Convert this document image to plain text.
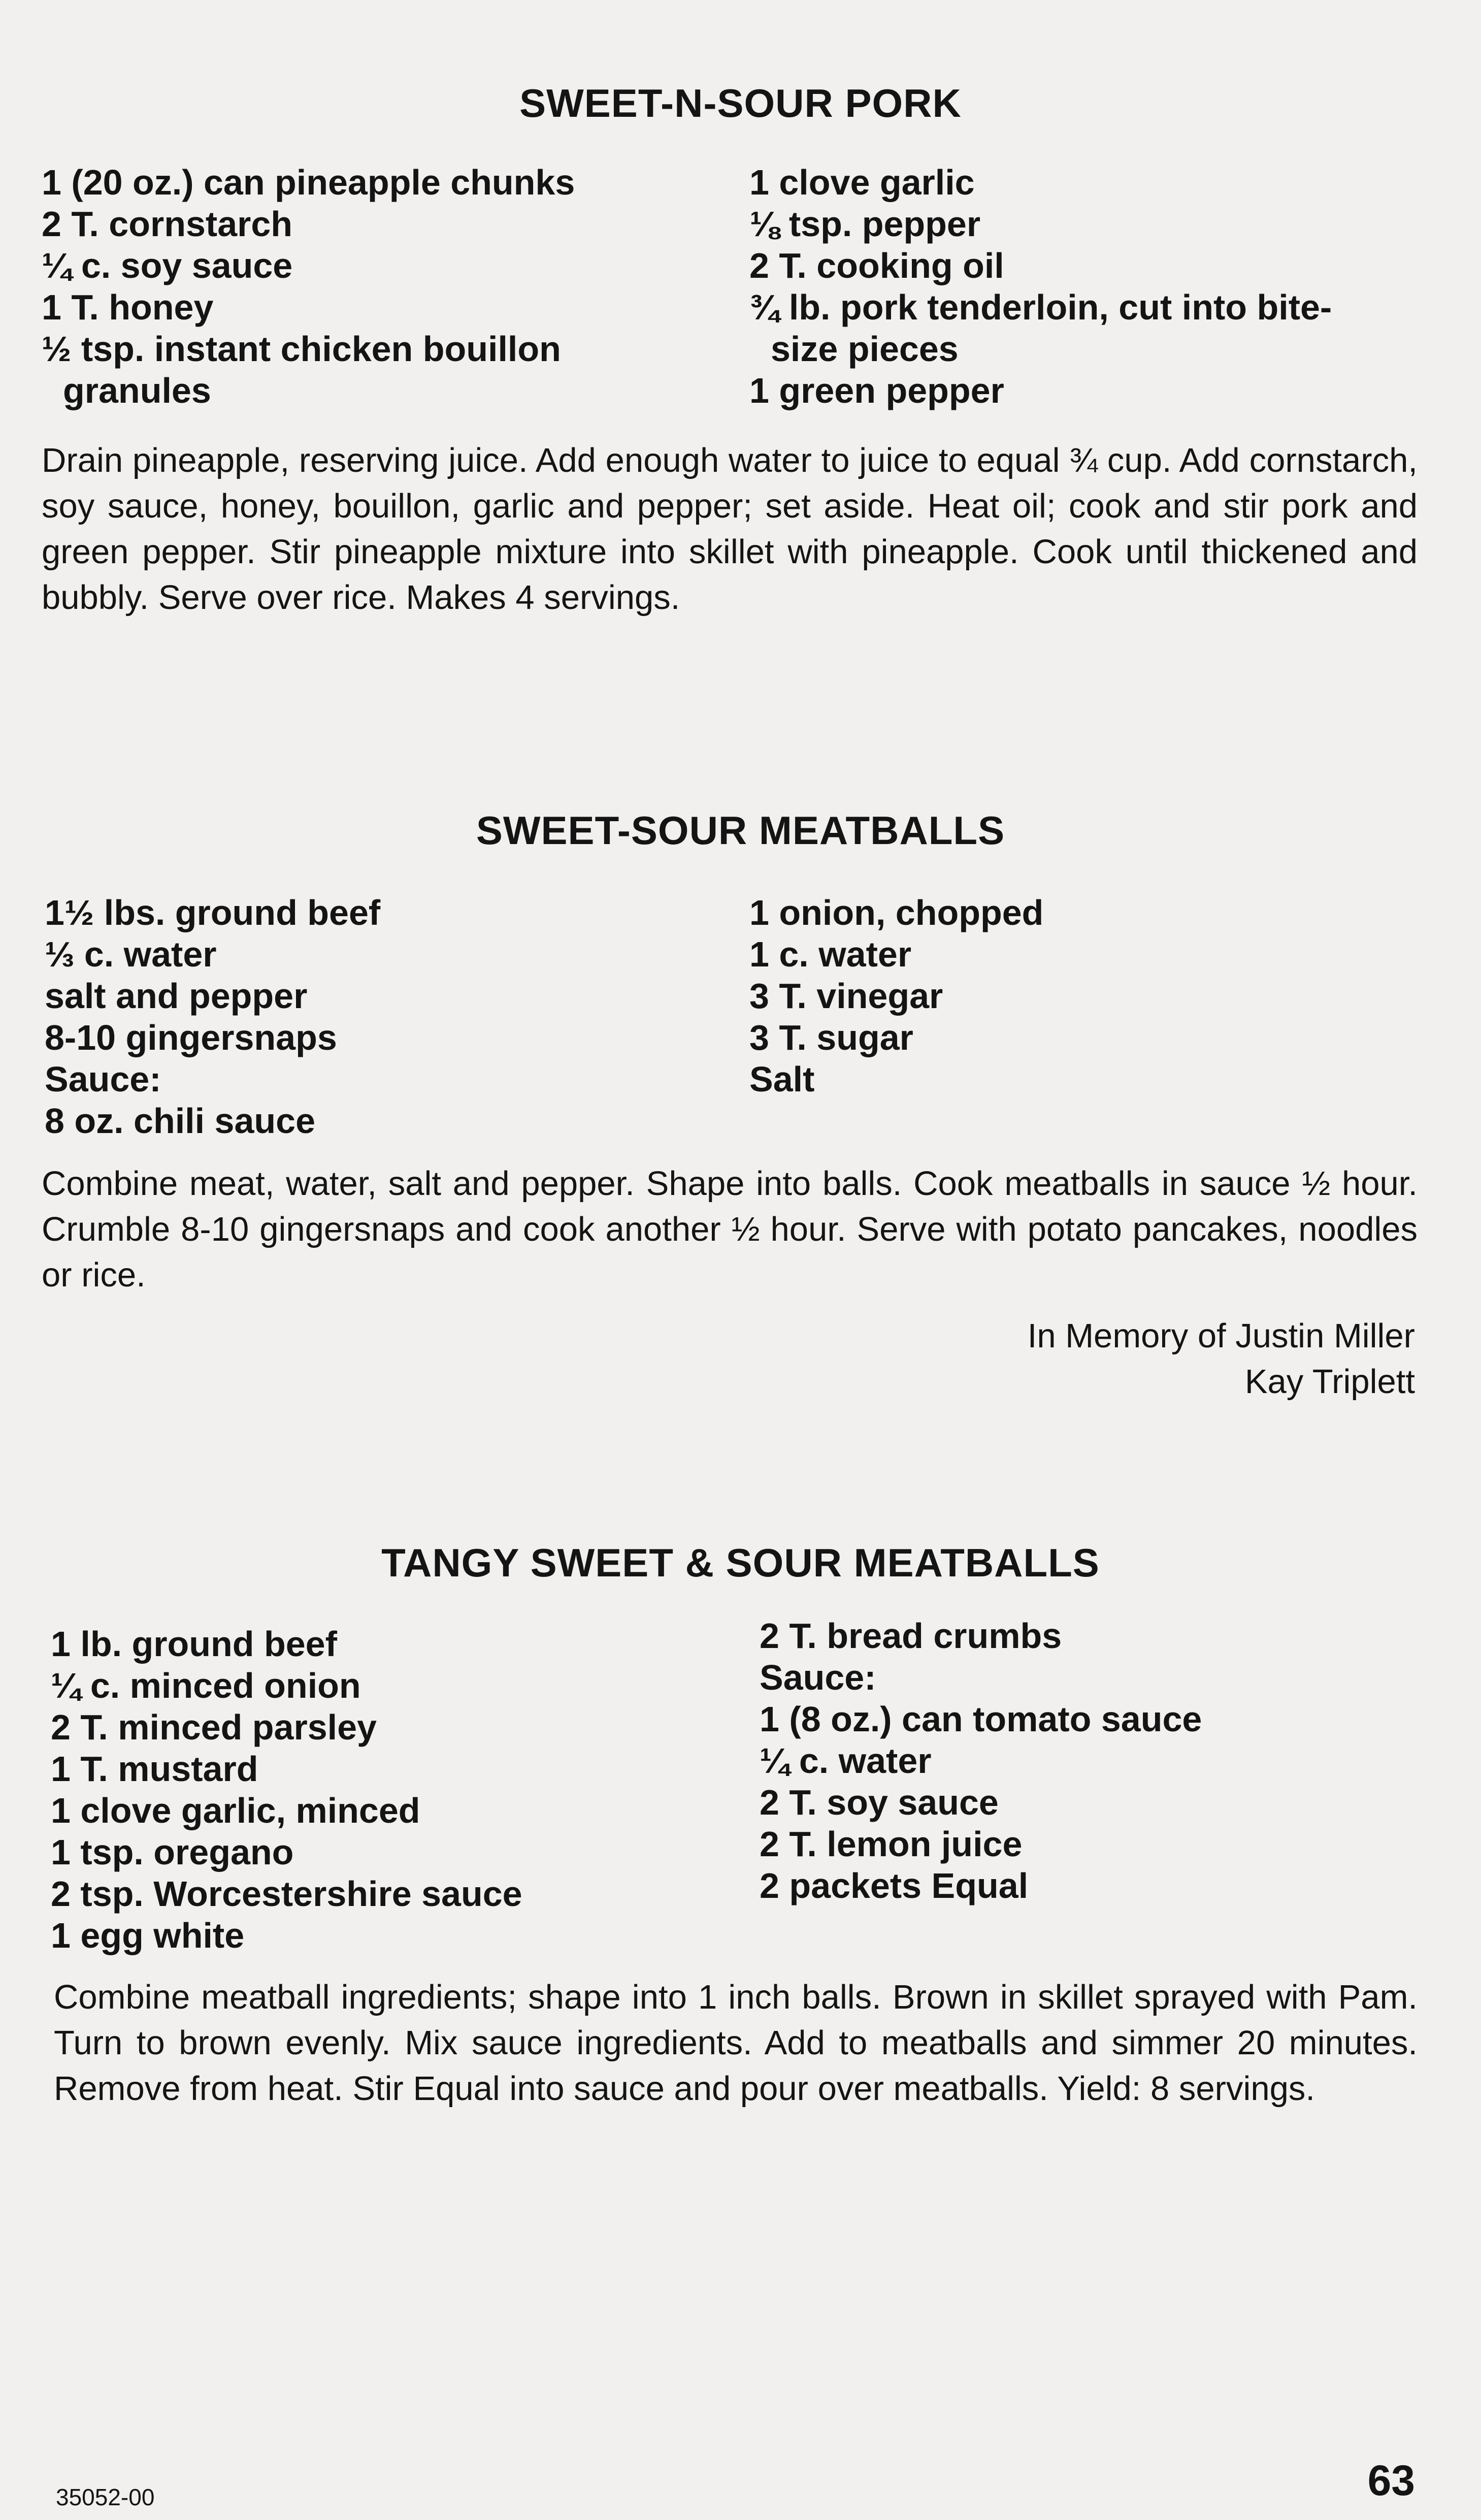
SWEET-N-SOUR PORK
1 (20 oz.) can pineapple chunks
2 T. cornstarch
¼ c. soy sauce
1 T. honey
½ tsp. instant chicken bouillon
granules
1 clove garlic
⅛ tsp. pepper
2 T. cooking oil
¾ lb. pork tenderloin, cut into bite-
size pieces
1 green pepper
Drain pineapple, reserving juice. Add enough water to juice to equal ¾ cup. Add cornstarch, soy sauce, honey, bouillon, garlic and pepper; set aside. Heat oil; cook and stir pork and green pepper. Stir pineapple mixture into skillet with pineapple. Cook until thickened and bubbly. Serve over rice. Makes 4 servings.
SWEET-SOUR MEATBALLS
1½ lbs. ground beef
⅓ c. water
salt and pepper
8-10 gingersnaps
Sauce:
8 oz. chili sauce
1 onion, chopped
1 c. water
3 T. vinegar
3 T. sugar
Salt
Combine meat, water, salt and pepper. Shape into balls. Cook meatballs in sauce ½ hour. Crumble 8-10 gingersnaps and cook another ½ hour. Serve with potato pancakes, noodles or rice.
In Memory of Justin Miller
Kay Triplett
TANGY SWEET & SOUR MEATBALLS
1 lb. ground beef
¼ c. minced onion
2 T. minced parsley
1 T. mustard
1 clove garlic, minced
1 tsp. oregano
2 tsp. Worcestershire sauce
1 egg white
2 T. bread crumbs
Sauce:
1 (8 oz.) can tomato sauce
¼ c. water
2 T. soy sauce
2 T. lemon juice
2 packets Equal
Combine meatball ingredients; shape into 1 inch balls. Brown in skillet sprayed with Pam. Turn to brown evenly. Mix sauce ingredients. Add to meatballs and simmer 20 minutes. Remove from heat. Stir Equal into sauce and pour over meatballs. Yield: 8 servings.
35052-00	63
